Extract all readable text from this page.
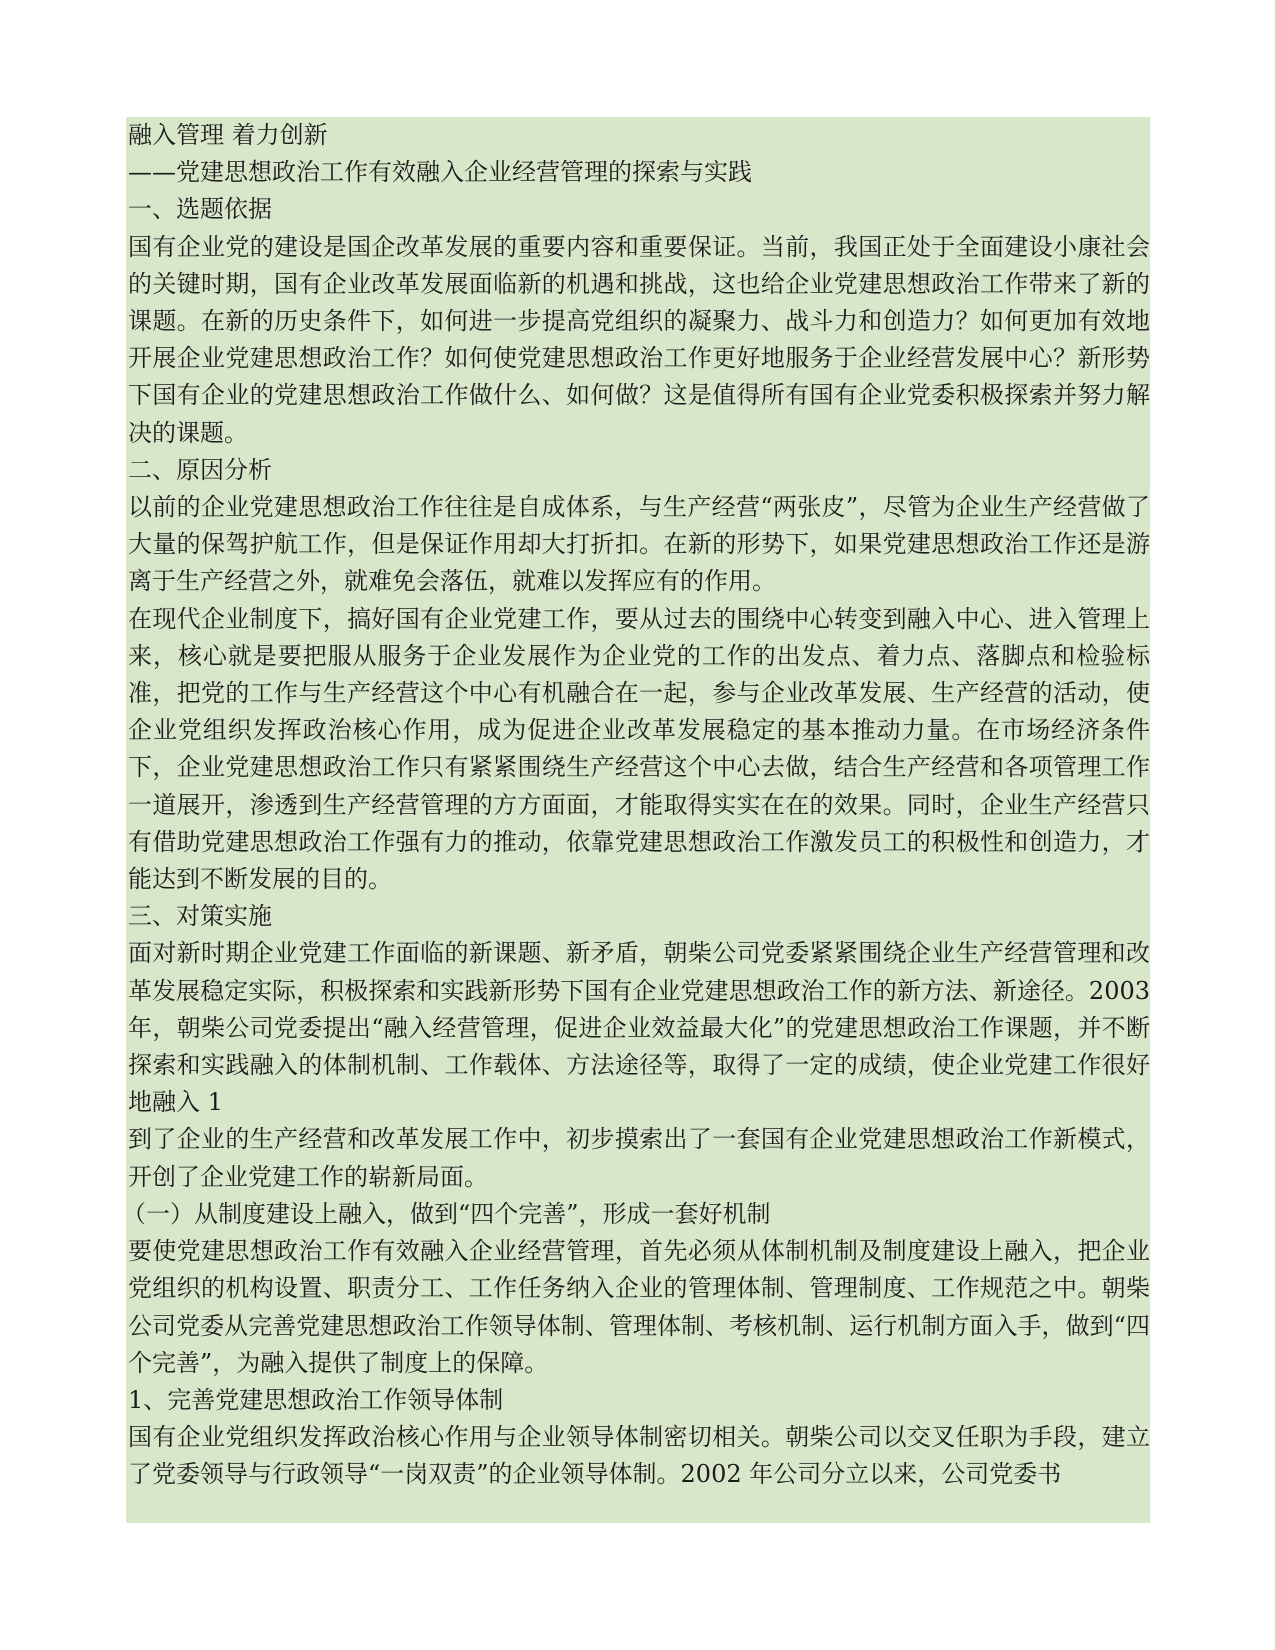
融入管理 着力创新
——党建思想政治工作有效融入企业经营管理的探索与实践
一、选题依据
国有企业党的建设是国企改革发展的重要内容和重要保证。当前，我国正处于全面建设小康社会的关键时期，国有企业改革发展面临新的机遇和挑战，这也给企业党建思想政治工作带来了新的课题。在新的历史条件下，如何进一步提高党组织的凝聚力、战斗力和创造力？如何更加有效地开展企业党建思想政治工作？如何使党建思想政治工作更好地服务于企业经营发展中心？新形势下国有企业的党建思想政治工作做什么、如何做？这是值得所有国有企业党委积极探索并努力解决的课题。
二、原因分析
以前的企业党建思想政治工作往往是自成体系，与生产经营“两张皮”，尽管为企业生产经营做了大量的保驾护航工作，但是保证作用却大打折扣。在新的形势下，如果党建思想政治工作还是游离于生产经营之外，就难免会落伍，就难以发挥应有的作用。
在现代企业制度下，搞好国有企业党建工作，要从过去的围绕中心转变到融入中心、进入管理上来，核心就是要把服从服务于企业发展作为企业党的工作的出发点、着力点、落脚点和检验标准，把党的工作与生产经营这个中心有机融合在一起，参与企业改革发展、生产经营的活动，使企业党组织发挥政治核心作用，成为促进企业改革发展稳定的基本推动力量。在市场经济条件下，企业党建思想政治工作只有紧紧围绕生产经营这个中心去做，结合生产经营和各项管理工作一道展开，渗透到生产经营管理的方方面面，才能取得实实在在的效果。同时，企业生产经营只有借助党建思想政治工作强有力的推动，依靠党建思想政治工作激发员工的积极性和创造力，才能达到不断发展的目的。
三、对策实施
面对新时期企业党建工作面临的新课题、新矛盾，朝柴公司党委紧紧围绕企业生产经营管理和改革发展稳定实际，积极探索和实践新形势下国有企业党建思想政治工作的新方法、新途径。2003 年，朝柴公司党委提出“融入经营管理，促进企业效益最大化”的党建思想政治工作课题，并不断探索和实践融入的体制机制、工作载体、方法途径等，取得了一定的成绩，使企业党建工作很好地融入 1
到了企业的生产经营和改革发展工作中，初步摸索出了一套国有企业党建思想政治工作新模式，开创了企业党建工作的崭新局面。
（一）从制度建设上融入，做到“四个完善”，形成一套好机制
要使党建思想政治工作有效融入企业经营管理，首先必须从体制机制及制度建设上融入，把企业党组织的机构设置、职责分工、工作任务纳入企业的管理体制、管理制度、工作规范之中。朝柴公司党委从完善党建思想政治工作领导体制、管理体制、考核机制、运行机制方面入手，做到“四个完善”，为融入提供了制度上的保障。
1、完善党建思想政治工作领导体制
国有企业党组织发挥政治核心作用与企业领导体制密切相关。朝柴公司以交叉任职为手段，建立了党委领导与行政领导“一岗双责”的企业领导体制。2002 年公司分立以来，公司党委书
